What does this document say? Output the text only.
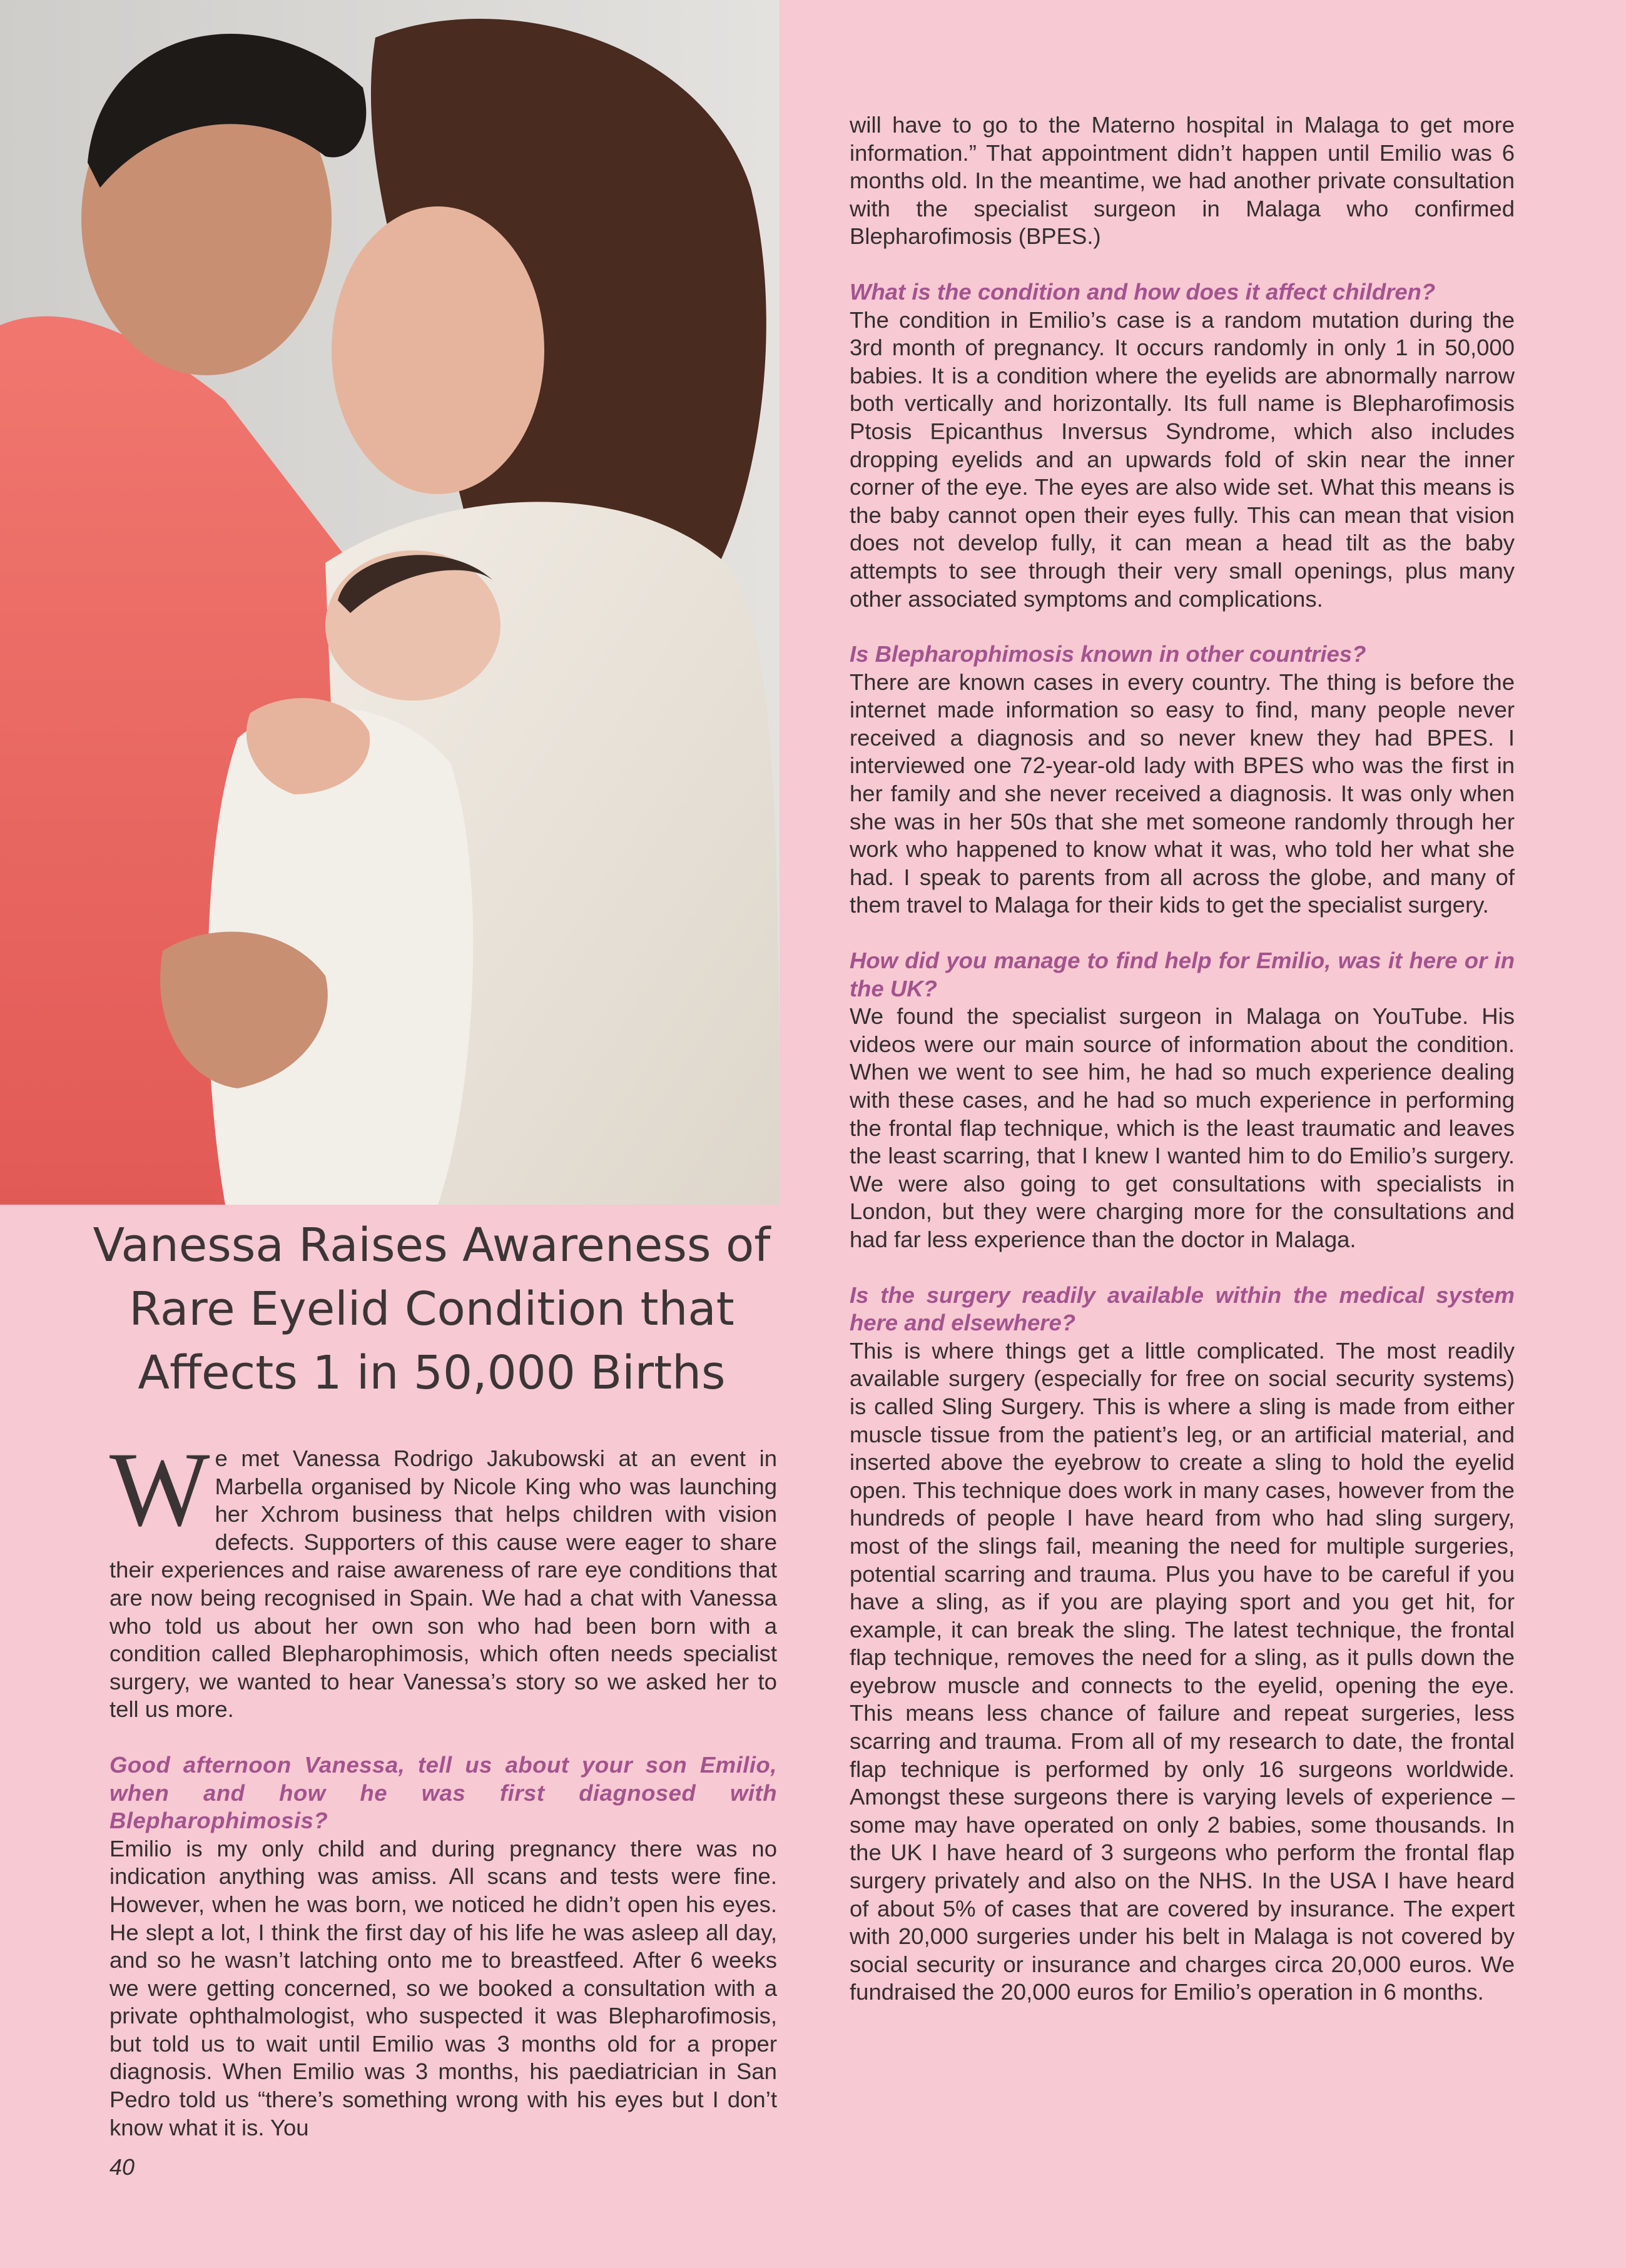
Vanessa Raises Awareness of
Rare Eyelid Condition that
Affects 1 in 50,000 Births

We met Vanessa Rodrigo Jakubowski at an event in Marbella organised by Nicole King who was launching her Xchrom business that helps children with vision defects. Supporters of this cause were eager to share their experiences and raise awareness of rare eye conditions that are now being recognised in Spain. We had a chat with Vanessa who told us about her own son who had been born with a condition called Blepharophimosis, which often needs specialist surgery, we wanted to hear Vanessa’s story so we asked her to tell us more.

Good afternoon Vanessa, tell us about your son Emilio, when and how he was first diagnosed with Blepharophimosis?

Emilio is my only child and during pregnancy there was no indication anything was amiss. All scans and tests were fine. However, when he was born, we noticed he didn’t open his eyes. He slept a lot, I think the first day of his life he was asleep all day, and so he wasn’t latching onto me to breastfeed. After 6 weeks we were getting concerned, so we booked a consultation with a private ophthalmologist, who suspected it was Blepharofimosis, but told us to wait until Emilio was 3 months old for a proper diagnosis. When Emilio was 3 months, his paediatrician in San Pedro told us “there’s something wrong with his eyes but I don’t know what it is. You

will have to go to the Materno hospital in Malaga to get more information.” That appointment didn’t happen until Emilio was 6 months old. In the meantime, we had another private consultation with the specialist surgeon in Malaga who confirmed Blepharofimosis (BPES.)

What is the condition and how does it affect children?

The condition in Emilio’s case is a random mutation during the 3rd month of pregnancy. It occurs randomly in only 1 in 50,000 babies. It is a condition where the eyelids are abnormally narrow both vertically and horizontally. Its full name is Blepharofimosis Ptosis Epicanthus Inversus Syndrome, which also includes dropping eyelids and an upwards fold of skin near the inner corner of the eye. The eyes are also wide set. What this means is the baby cannot open their eyes fully. This can mean that vision does not develop fully, it can mean a head tilt as the baby attempts to see through their very small openings, plus many other associated symptoms and complications.

Is Blepharophimosis known in other countries?

There are known cases in every country. The thing is before the internet made information so easy to find, many people never received a diagnosis and so never knew they had BPES. I interviewed one 72-year-old lady with BPES who was the first in her family and she never received a diagnosis. It was only when she was in her 50s that she met someone randomly through her work who happened to know what it was, who told her what she had. I speak to parents from all across the globe, and many of them travel to Malaga for their kids to get the specialist surgery.

How did you manage to find help for Emilio, was it here or in the UK?

We found the specialist surgeon in Malaga on YouTube. His videos were our main source of information about the condition. When we went to see him, he had so much experience dealing with these cases, and he had so much experience in performing the frontal flap technique, which is the least traumatic and leaves the least scarring, that I knew I wanted him to do Emilio’s surgery. We were also going to get consultations with specialists in London, but they were charging more for the consultations and had far less experience than the doctor in Malaga.

Is the surgery readily available within the medical system here and elsewhere?

This is where things get a little complicated. The most readily available surgery (especially for free on social security systems) is called Sling Surgery. This is where a sling is made from either muscle tissue from the patient’s leg, or an artificial material, and inserted above the eyebrow to create a sling to hold the eyelid open. This technique does work in many cases, however from the hundreds of people I have heard from who had sling surgery, most of the slings fail, meaning the need for multiple surgeries, potential scarring and trauma. Plus you have to be careful if you have a sling, as if you are playing sport and you get hit, for example, it can break the sling. The latest technique, the frontal flap technique, removes the need for a sling, as it pulls down the eyebrow muscle and connects to the eyelid, opening the eye. This means less chance of failure and repeat surgeries, less scarring and trauma. From all of my research to date, the frontal flap technique is performed by only 16 surgeons worldwide. Amongst these surgeons there is varying levels of experience – some may have operated on only 2 babies, some thousands. In the UK I have heard of 3 surgeons who perform the frontal flap surgery privately and also on the NHS. In the USA I have heard of about 5% of cases that are covered by insurance. The expert with 20,000 surgeries under his belt in Malaga is not covered by social security or insurance and charges circa 20,000 euros. We fundraised the 20,000 euros for Emilio’s operation in 6 months.

40
